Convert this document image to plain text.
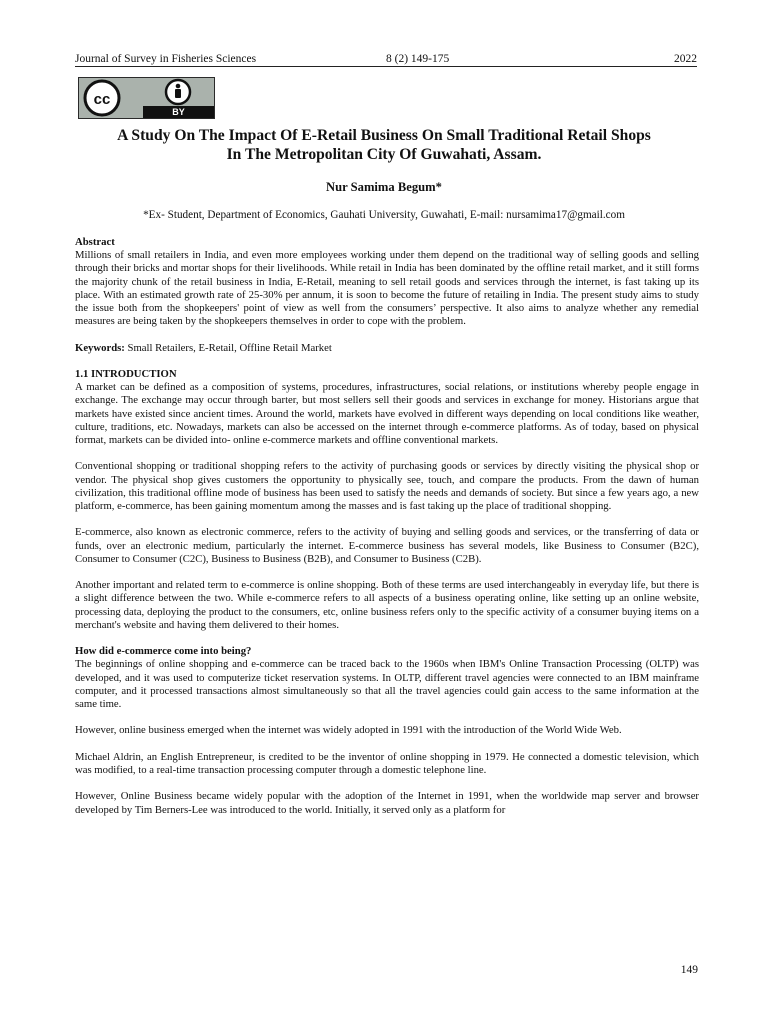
Journal of Survey in Fisheries Sciences	8 (2) 149-175	2022
cc
BY
A Study On The Impact Of E-Retail Business On Small Traditional Retail Shops
In The Metropolitan City Of Guwahati, Assam.
Nur Samima Begum*
*Ex- Student, Department of Economics, Gauhati University, Guwahati, E-mail: nursamima17@gmail.com

Abstract

Millions of small retailers in India, and even more employees working under them depend on the traditional way of selling goods and selling through their bricks and mortar shops for their livelihoods. While retail in India has been dominated by the offline retail market, and it still forms the majority chunk of the retail business in India, E-Retail, meaning to sell retail goods and services through the internet, is fast taking up its place. With an estimated growth rate of 25-30% per annum, it is soon to become the future of retailing in India. The present study aims to study the issue both from the shopkeepers' point of view as well from the consumers’ perspective. It also aims to analyze whether any remedial measures are being taken by the shopkeepers themselves in order to cope with the problem.

Keywords: Small Retailers, E-Retail, Offline Retail Market

1.1 INTRODUCTION

A market can be defined as a composition of systems, procedures, infrastructures, social relations, or institutions whereby people engage in exchange. The exchange may occur through barter, but most sellers sell their goods and services in exchange for money. Historians argue that markets have existed since ancient times. Around the world, markets have evolved in different ways depending on local conditions like weather, culture, traditions, etc. Nowadays, markets can also be accessed on the internet through e-commerce platforms. As of today, based on physical format, markets can be divided into- online e-commerce markets and offline conventional markets.

Conventional shopping or traditional shopping refers to the activity of purchasing goods or services by directly visiting the physical shop or vendor. The physical shop gives customers the opportunity to physically see, touch, and compare the products. From the dawn of human civilization, this traditional offline mode of business has been used to satisfy the needs and demands of society. But since a few years ago, a new platform, e-commerce, has been gaining momentum among the masses and is fast taking up the place of traditional shopping.

E-commerce, also known as electronic commerce, refers to the activity of buying and selling goods and services, or the transferring of data or funds, over an electronic medium, particularly the internet. E-commerce business has several models, like Business to Consumer (B2C), Consumer to Consumer (C2C), Business to Business (B2B), and Consumer to Business (C2B).

Another important and related term to e-commerce is online shopping. Both of these terms are used interchangeably in everyday life, but there is a slight difference between the two. While e-commerce refers to all aspects of a business operating online, like setting up an online website, processing data, deploying the product to the consumers, etc, online business refers only to the specific activity of a consumer buying items on a merchant's website and having them delivered to their homes.

How did e-commerce come into being?

The beginnings of online shopping and e-commerce can be traced back to the 1960s when IBM's Online Transaction Processing (OLTP) was developed, and it was used to computerize ticket reservation systems. In OLTP, different travel agencies were connected to an IBM mainframe computer, and it processed transactions almost simultaneously so that all the travel agencies could gain access to the same information at the same time.

However, online business emerged when the internet was widely adopted in 1991 with the introduction of the World Wide Web.

Michael Aldrin, an English Entrepreneur, is credited to be the inventor of online shopping in 1979. He connected a domestic television, which was modified, to a real-time transaction processing computer through a domestic telephone line.

However, Online Business became widely popular with the adoption of the Internet in 1991, when the worldwide map server and browser developed by Tim Berners-Lee was introduced to the world. Initially, it served only as a platform for

149
